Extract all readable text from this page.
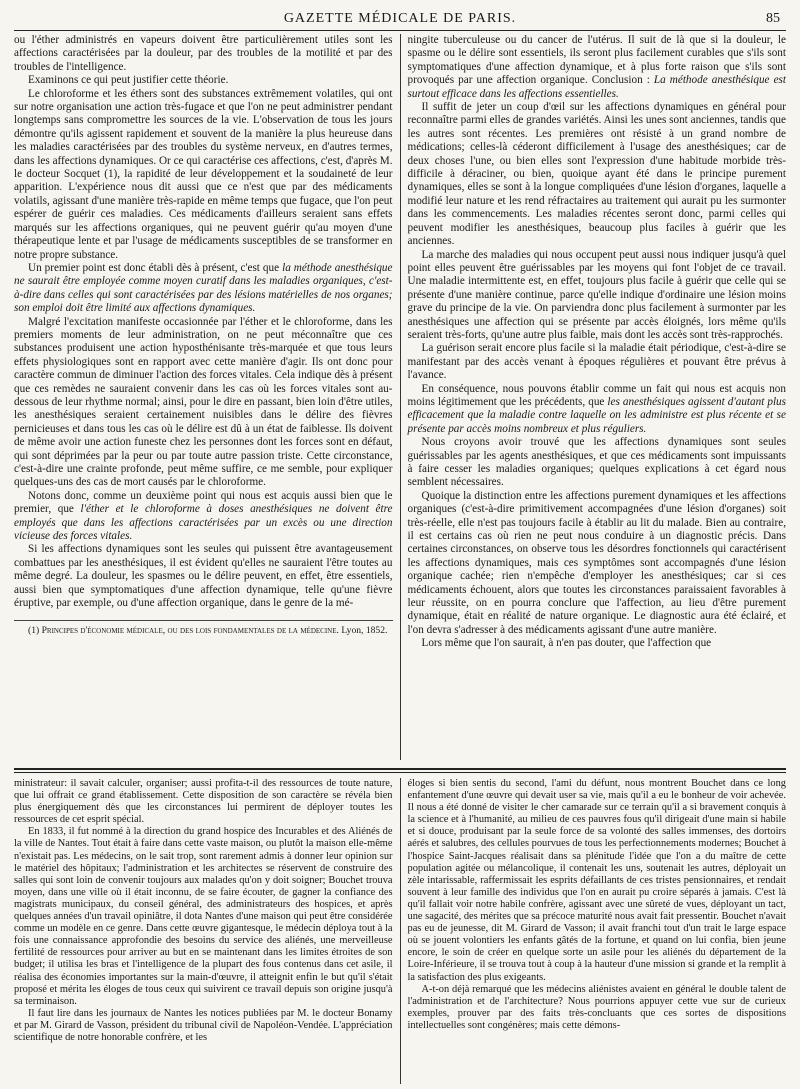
GAZETTE MÉDICALE DE PARIS.	85

ou l'éther administrés en vapeurs doivent être particulièrement utiles sont les affections caractérisées par la douleur, par des troubles de la motilité et par des troubles de l'intelligence.

Examinons ce qui peut justifier cette théorie.

Le chloroforme et les éthers sont des substances extrêmement volatiles, qui ont sur notre organisation une action très-fugace et que l'on ne peut administrer pendant longtemps sans compromettre les sources de la vie. L'observation de tous les jours démontre qu'ils agissent rapidement et souvent de la manière la plus heureuse dans les maladies caractérisées par des troubles du système nerveux, en d'autres termes, dans les affections dynamiques. Or ce qui caractérise ces affections, c'est, d'après M. le docteur Socquet (1), la rapidité de leur développement et la soudaineté de leur apparition. L'expérience nous dit aussi que ce n'est que par des médicaments volatils, agissant d'une manière très-rapide en même temps que fugace, que l'on peut espérer de guérir ces maladies. Ces médicaments d'ailleurs seraient sans effets marqués sur les affections organiques, qui ne peuvent guérir qu'au moyen d'une thérapeutique lente et par l'usage de médicaments susceptibles de se transformer en notre propre substance.

Un premier point est donc établi dès à présent, c'est que la méthode anesthésique ne saurait être employée comme moyen curatif dans les maladies organiques, c'est-à-dire dans celles qui sont caractérisées par des lésions matérielles de nos organes; son emploi doit être limité aux affections dynamiques.

Malgré l'excitation manifeste occasionnée par l'éther et le chloroforme, dans les premiers moments de leur administration, on ne peut méconnaître que ces substances produisent une action hyposthénisante très-marquée et que tous leurs effets physiologiques sont en rapport avec cette manière d'agir. Ils ont donc pour caractère commun de diminuer l'action des forces vitales. Cela indique dès à présent que ces remèdes ne sauraient convenir dans les cas où les forces vitales sont au-dessous de leur rhythme normal; ainsi, pour le dire en passant, bien loin d'être utiles, les anesthésiques seraient certainement nuisibles dans le délire des fièvres pernicieuses et dans tous les cas où le délire est dû à un état de faiblesse. Ils doivent de même avoir une action funeste chez les personnes dont les forces sont en défaut, qui sont déprimées par la peur ou par toute autre passion triste. Cette circonstance, c'est-à-dire une crainte profonde, peut même suffire, ce me semble, pour expliquer quelques-uns des cas de mort causés par le chloroforme.

Notons donc, comme un deuxième point qui nous est acquis aussi bien que le premier, que l'éther et le chloroforme à doses anesthésiques ne doivent être employés que dans les affections caractérisées par un excès ou une direction vicieuse des forces vitales.

Si les affections dynamiques sont les seules qui puissent être avantageusement combattues par les anesthésiques, il est évident qu'elles ne sauraient l'être toutes au même degré. La douleur, les spasmes ou le délire peuvent, en effet, être essentiels, aussi bien que symptomatiques d'une affection dynamique, telle qu'une fièvre éruptive, par exemple, ou d'une affection organique, dans le genre de la mé-

(1) Principes d'économie médicale, ou des lois fondamentales de la médecine. Lyon, 1852.

ningite tuberculeuse ou du cancer de l'utérus. Il suit de là que si la douleur, le spasme ou le délire sont essentiels, ils seront plus facilement curables que s'ils sont symptomatiques d'une affection dynamique, et à plus forte raison que s'ils sont provoqués par une affection organique. Conclusion : La méthode anesthésique est surtout efficace dans les affections essentielles.

Il suffit de jeter un coup d'œil sur les affections dynamiques en général pour reconnaître parmi elles de grandes variétés. Ainsi les unes sont anciennes, tandis que les autres sont récentes. Les premières ont résisté à un grand nombre de médications; celles-là céderont difficilement à l'usage des anesthésiques; car de deux choses l'une, ou bien elles sont l'expression d'une habitude morbide très-difficile à déraciner, ou bien, quoique ayant été dans le principe purement dynamiques, elles se sont à la longue compliquées d'une lésion d'organes, laquelle a modifié leur nature et les rend réfractaires au traitement qui aurait pu les surmonter dans les commencements. Les maladies récentes seront donc, parmi celles qui peuvent modifier les anesthésiques, beaucoup plus faciles à guérir que les anciennes.

La marche des maladies qui nous occupent peut aussi nous indiquer jusqu'à quel point elles peuvent être guérissables par les moyens qui font l'objet de ce travail. Une maladie intermittente est, en effet, toujours plus facile à guérir que celle qui se présente d'une manière continue, parce qu'elle indique d'ordinaire une lésion moins grave du principe de la vie. On parviendra donc plus facilement à surmonter par les anesthésiques une affection qui se présente par accès éloignés, lors même qu'ils seraient très-forts, qu'une autre plus faible, mais dont les accès sont très-rapprochés.

La guérison serait encore plus facile si la maladie était périodique, c'est-à-dire se manifestant par des accès venant à époques régulières et pouvant être prévus à l'avance.

En conséquence, nous pouvons établir comme un fait qui nous est acquis non moins légitimement que les précédents, que les anesthésiques agissent d'autant plus efficacement que la maladie contre laquelle on les administre est plus récente et se présente par accès moins nombreux et plus réguliers.

Nous croyons avoir trouvé que les affections dynamiques sont seules guérissables par les agents anesthésiques, et que ces médicaments sont impuissants à faire cesser les maladies organiques; quelques explications à cet égard nous semblent nécessaires.

Quoique la distinction entre les affections purement dynamiques et les affections organiques (c'est-à-dire primitivement accompagnées d'une lésion d'organes) soit très-réelle, elle n'est pas toujours facile à établir au lit du malade. Bien au contraire, il est certains cas où rien ne peut nous conduire à un diagnostic précis. Dans certaines circonstances, on observe tous les désordres fonctionnels qui caractérisent les affections dynamiques, mais ces symptômes sont accompagnés d'une lésion organique cachée; rien n'empêche d'employer les anesthésiques; car si ces médicaments échouent, alors que toutes les circonstances paraissaient favorables à leur réussite, on en pourra conclure que l'affection, au lieu d'être purement dynamique, était en réalité de nature organique. Le diagnostic aura été éclairé, et l'on devra s'adresser à des médicaments agissant d'une autre manière.

Lors même que l'on saurait, à n'en pas douter, que l'affection que

ministrateur: il savait calculer, organiser; aussi profita-t-il des ressources de toute nature, que lui offrait ce grand établissement. Cette disposition de son caractère se révéla bien plus énergiquement dès que les circonstances lui permirent de déployer toutes les ressources de cet esprit spécial.

En 1833, il fut nommé à la direction du grand hospice des Incurables et des Aliénés de la ville de Nantes. Tout était à faire dans cette vaste maison, ou plutôt la maison elle-même n'existait pas. Les médecins, on le sait trop, sont rarement admis à donner leur opinion sur le matériel des hôpitaux; l'administration et les architectes se réservent de construire des salles qui sont loin de convenir toujours aux malades qu'on y doit soigner; Bouchet trouva moyen, dans une ville où il était inconnu, de se faire écouter, de gagner la confiance des magistrats municipaux, du conseil général, des administrateurs des hospices, et après quelques années d'un travail opiniâtre, il dota Nantes d'une maison qui peut être considérée comme un modèle en ce genre. Dans cette œuvre gigantesque, le médecin déploya tout à la fois une connaissance approfondie des besoins du service des aliénés, une merveilleuse fertilité de ressources pour arriver au but en se maintenant dans les limites étroites de son budget; il utilisa les bras et l'intelligence de la plupart des fous contenus dans cet asile, il réalisa des économies importantes sur la main-d'œuvre, il atteignit enfin le but qu'il s'était proposé et mérita les éloges de tous ceux qui suivirent ce travail depuis son origine jusqu'à sa terminaison.

Il faut lire dans les journaux de Nantes les notices publiées par M. le docteur Bonamy et par M. Girard de Vasson, président du tribunal civil de Napoléon-Vendée. L'appréciation scientifique de notre honorable confrère, et les

éloges si bien sentis du second, l'ami du défunt, nous montrent Bouchet dans ce long enfantement d'une œuvre qui devait user sa vie, mais qu'il a eu le bonheur de voir achevée. Il nous a été donné de visiter le cher camarade sur ce terrain qu'il a si bravement conquis à la science et à l'humanité, au milieu de ces pauvres fous qu'il dirigeait d'une main si habile et si douce, produisant par la seule force de sa volonté des salles immenses, des dortoirs aérés et salubres, des cellules pourvues de tous les perfectionnements modernes; Bouchet à l'hospice Saint-Jacques réalisait dans sa plénitude l'idée que l'on a du maître de cette population agitée ou mélancolique, il contenait les uns, soutenait les autres, déployait un zèle intarissable, raffermissait les esprits défaillants de ces tristes pensionnaires, et rendait souvent à leur famille des individus que l'on en aurait pu croire séparés à jamais. C'est là qu'il fallait voir notre habile confrère, agissant avec une sûreté de vues, déployant un tact, une sagacité, des mérites que sa précoce maturité nous avait fait pressentir. Bouchet n'avait pas eu de jeunesse, dit M. Girard de Vasson; il avait franchi tout d'un trait le large espace où se jouent volontiers les enfants gâtés de la fortune, et quand on lui confia, bien jeune encore, le soin de créer en quelque sorte un asile pour les aliénés du département de la Loire-Inférieure, il se trouva tout à coup à la hauteur d'une mission si grande et la remplit à la satisfaction des plus exigeants.

A-t-on déjà remarqué que les médecins aliénistes avaient en général le double talent de l'administration et de l'architecture? Nous pourrions appuyer cette vue sur de curieux exemples, prouver par des faits très-concluants que ces sortes de dispositions intellectuelles sont congénères; mais cette démons-
